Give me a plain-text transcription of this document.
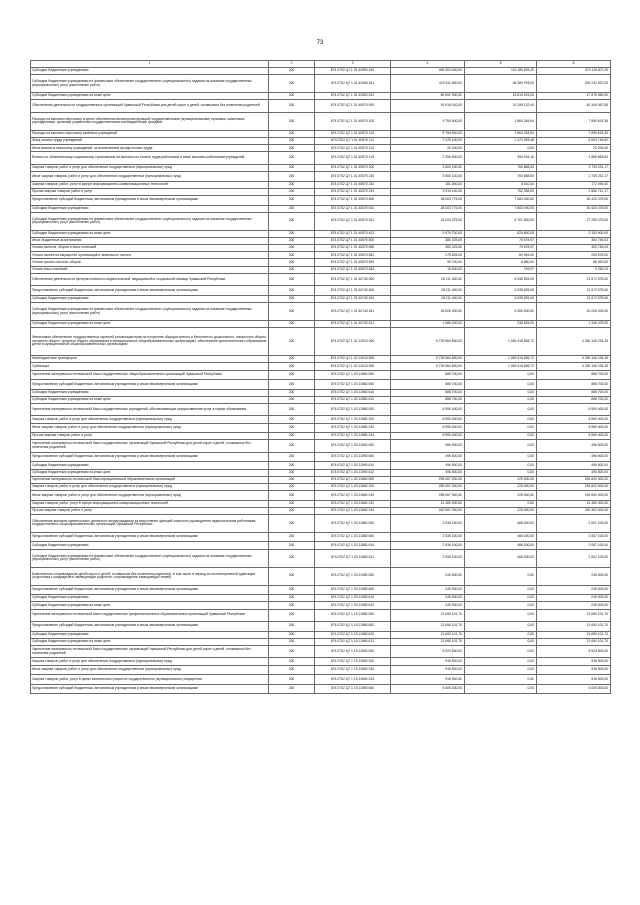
73
1	2	3	4	5	6
Субсидии бюджетным учреждениям	200	874 0702 Ц7 1 01 42550 610	489 304 400,00	115 185 693,20	374 118 507,20
Субсидии бюджетным учреждениям на финансовое обеспечение государственного (муниципального) задания на оказание государственных (муниципальных) услуг (выполнение работ)	200	874 0702 Ц7 1 01 42550 611	422 611 500,00	96 369 978,00	326 242 522,00
Субсидии бюджетным учреждениям на иные цели	200	874 0702 Ц7 1 01 42550 612	66 692 900,00	18 816 515,00	47 875 985,00
Обеспечение деятельности государственных организаций Чувашской Республики для детей-сирот и детей, оставшихся без попечения родителей	200	874 0702 Ц7 1 01 40570 000	91 618 010,00	10 298 132,44	81 340 067,56
Расходы на выплаты персоналу в целях обеспечения выполнения функций государственными (муниципальными) органами, казенными учреждениями, органами управления государственными внебюджетными фондами	200	874 0702 Ц7 1 01 40570 100	9 754 900,00	1 864 284,64	7 890 615,36
Расходы на выплаты персоналу казенных учреждений	200	874 0702 Ц7 1 01 40570 110	9 754 900,00	1 864 284,64	7 890 615,36
Фонд оплаты труда учреждений	200	874 0702 Ц7 1 01 40570 111	7 478 100,00	1 473 353,48	6 004 746,52
Иные выплаты персоналу учреждений, за исключением фонда оплаты труда	200	874 0702 Ц7 1 01 40570 112	20 200,00	0,00	20 200,00
Взносы по обязательному социальному страхованию на выплаты по оплате труда работников и иные выплаты работникам учреждений	200	874 0702 Ц7 1 01 40570 119	2 256 600,00	390 934,16	1 865 665,84
Закупка товаров, работ и услуг для обеспечения государственных (муниципальных) нужд	200	874 0702 Ц7 1 01 40570 200	3 500 100,00	760 868,83	2 739 231,17
Иные закупки товаров, работ и услуг для обеспечения государственных (муниципальных) нужд	200	874 0702 Ц7 1 01 40570 240	3 500 100,00	760 868,83	2 739 231,17
Закупка товаров, работ, услуг в сфере информационно-коммуникационных технологий	200	874 0702 Ц7 1 01 40570 242	181 000,00	8 510,00	172 490,00
Прочая закупка товаров, работ и услуг	200	874 0702 Ц7 1 01 40570 244	3 319 100,00	752 358,83	2 566 741,17
Предоставление субсидий бюджетным, автономным учреждениям и иным некоммерческим организациям	200	874 0702 Ц7 1 01 40570 600	38 003 775,00	7 583 400,00	30 420 375,00
Субсидии бюджетным учреждениям	200	874 0702 Ц7 1 01 40570 610	38 003 775,00	7 583 400,00	30 420 375,00
Субсидии бюджетным учреждениям на финансовое обеспечение государственного (муниципального) задания на оказание государственных (муниципальных) услуг (выполнение работ)	200	874 0702 Ц7 1 01 40570 611	34 024 075,00	6 767 600,00	27 256 475,00
Субсидии бюджетным учреждениям на иные цели	200	874 0702 Ц7 1 01 40570 612	3 979 700,00	825 800,00	3 153 900,00
Иные бюджетные ассигнования	200	874 0702 Ц7 1 01 40570 800	380 325,00	79 578,97	300 746,03
Уплата налогов, сборов и иных платежей	200	874 0702 Ц7 1 01 40570 850	380 325,00	79 578,97	300 746,03
Уплата налога на имущество организаций и земельного налога	200	874 0702 Ц7 1 01 40570 851	275 625,00	69 949,00	205 676,00
Уплата прочих налогов, сборов	200	874 0702 Ц7 1 01 40570 852	95 700,00	8 880,00	86 820,00
Уплата иных платежей	200	874 0702 Ц7 1 01 40570 853	10 000,00	749,97	9 250,03
Обеспечение деятельности центров психолого-педагогической, медицинской и социальной помощи Чувашской Республики	200	874 0702 Ц7 1 01 40740 000	28 111 400,00	6 538 825,00	21 572 575,00
Предоставление субсидий бюджетным, автономным учреждениям и иным некоммерческим организациям	200	874 0702 Ц7 1 01 40740 600	28 111 400,00	6 538 825,00	21 572 575,00
Субсидии бюджетным учреждениям	200	874 0702 Ц7 1 01 40740 610	28 111 400,00	6 538 825,00	21 572 575,00
Субсидии бюджетным учреждениям на финансовое обеспечение государственного (муниципального) задания на оказание государственных (муниципальных) услуг (выполнение работ)	200	874 0702 Ц7 1 01 40740 611	26 526 200,00	6 300 000,00	20 226 200,00
Субсидии бюджетным учреждениям на иные цели	200	874 0702 Ц7 1 01 40740 612	1 585 200,00	238 825,00	1 346 375,00
Финансовое обеспечение государственных гарантий реализации прав на получение общедоступного и бесплатного дошкольного, начального общего, основного общего, среднего общего образования в муниципальных общеобразовательных организациях, обеспечение дополнительного образования детей в муниципальных общеобразовательных организациях	200	874 0702 Ц7 1 02 12010 000	5 739 564 800,00	1 459 418 565,72	4 280 146 234,28
Межбюджетные трансферты	200	874 0702 Ц7 1 02 12010 500	5 739 564 800,00	1 459 418 565,72	4 280 146 234,28
Субвенции	200	874 0702 Ц7 1 02 12010 530	5 739 564 800,00	1 459 418 565,72	4 280 146 234,28
Укрепление материально-технической базы государственных общеобразовательных организаций Чувашской Республики	200	874 0702 Ц7 1 03 11560 000	888 700,00	0,00	888 700,00
Предоставление субсидий бюджетным, автономным учреждениям и иным некоммерческим организациям	200	874 0702 Ц7 1 03 11560 600	888 700,00	0,00	888 700,00
Субсидии бюджетным учреждениям	200	874 0702 Ц7 1 03 11560 610	888 700,00	0,00	888 700,00
Субсидии бюджетным учреждениям на иные цели	200	874 0702 Ц7 1 03 11560 612	888 700,00	0,00	888 700,00
Укрепление материально-технической базы государственных учреждений, обеспечивающих предоставление услуг в сфере образования	200	874 0702 Ц7 1 03 11580 000	6 590 400,00	0,00	6 590 400,00
Закупка товаров, работ и услуг для обеспечения государственных (муниципальных) нужд	200	874 0702 Ц7 1 03 11580 200	6 590 400,00	0,00	6 590 400,00
Иные закупки товаров, работ и услуг для обеспечения государственных (муниципальных) нужд	200	874 0702 Ц7 1 03 11580 240	6 590 400,00	0,00	6 590 400,00
Прочая закупка товаров, работ и услуг	200	874 0702 Ц7 1 03 11580 244	6 590 400,00	0,00	6 590 400,00
Укрепление материально-технической базы государственных организаций Чувашской Республики для детей-сирот и детей, оставшихся без попечения родителей	200	874 0702 Ц7 1 03 11590 000	496 500,00	0,00	496 500,00
Предоставление субсидий бюджетным, автономным учреждениям и иным некоммерческим организациям	200	874 0702 Ц7 1 03 11590 600	496 500,00	0,00	496 500,00
Субсидии бюджетным учреждениям	200	874 0702 Ц7 1 03 11590 610	496 500,00	0,00	496 500,00
Субсидии бюджетным учреждениям на иные цели	200	874 0702 Ц7 1 03 11590 612	496 500,00	0,00	496 500,00
Укрепление материально-технической базы муниципальных образовательных организаций	200	874 0702 Ц7 1 03 11660 000	255 067 000,00	225 000,00	254 842 000,00
Закупка товаров, работ и услуг для обеспечения государственных (муниципальных) нужд	200	874 0702 Ц7 1 03 11660 200	255 067 000,00	225 000,00	254 842 000,00
Иные закупки товаров, работ и услуг для обеспечения государственных (муниципальных) нужд	200	874 0702 Ц7 1 03 11660 240	255 067 000,00	225 000,00	254 842 000,00
Закупка товаров, работ, услуг в сфере информационно-коммуникационных технологий	200	874 0702 Ц7 1 03 11660 242	14 480 000,00	0,00	14 480 000,00
Прочая закупка товаров, работ и услуг	200	874 0702 Ц7 1 03 11660 244	240 587 000,00	225 000,00	240 362 000,00
Обеспечение выплаты ежемесячного денежного вознаграждения за выполнение функций классного руководителя педагогическим работникам государственных общеобразовательных организаций Чувашской Республики	200	874 0702 Ц7 1 03 11880 000	2 535 100,00	468 000,00	2 067 100,00
Предоставление субсидий бюджетным, автономным учреждениям и иным некоммерческим организациям	200	874 0702 Ц7 1 03 11880 600	2 535 100,00	468 000,00	2 067 100,00
Субсидии бюджетным учреждениям	200	874 0702 Ц7 1 03 11880 610	2 535 100,00	468 000,00	2 067 100,00
Субсидии бюджетным учреждениям на финансовое обеспечение государственного (муниципального) задания на оказание государственных (муниципальных) услуг (выполнение работ)	200	874 0702 Ц7 1 03 11880 611	2 535 100,00	468 000,00	2 067 100,00
Комплексное сопровождение детей-сирот и детей, оставшихся без попечения родителей, в том числе в период их постинтернатной адаптации (подготовка к кандидатов в замещающие родители, сопровождение замещающих семей)	200	874 0702 Ц7 1 03 11950 000	245 000,00	0,00	245 000,00
Предоставление субсидий бюджетным, автономным учреждениям и иным некоммерческим организациям	200	874 0702 Ц7 1 03 11950 600	245 000,00	0,00	245 000,00
Субсидии бюджетным учреждениям	200	874 0702 Ц7 1 03 11950 610	245 000,00	0,00	245 000,00
Субсидии бюджетным учреждениям на иные цели	200	874 0702 Ц7 1 03 11950 612	245 000,00	0,00	245 000,00
Укрепление материально-технической базы государственных профессиональных образовательных организаций Чувашской Республики	200	874 0702 Ц7 1 15 11580 000	21 690 101,70	0,00	21 690 101,70
Предоставление субсидий бюджетным, автономным учреждениям и иным некоммерческим организациям	200	874 0702 Ц7 1 15 11580 600	21 690 101,70	0,00	21 690 101,70
Субсидии бюджетным учреждениям	200	874 0702 Ц7 1 15 11580 610	21 690 101,70	0,00	21 690 101,70
Субсидии бюджетным учреждениям на иные цели	200	874 0702 Ц7 1 15 11580 612	21 690 101,70	0,00	21 690 101,70
Укрепление материально-технической базы государственных организаций Чувашской Республики для детей-сирот и детей, оставшихся без попечения родителей	200	874 0702 Ц7 1 15 11590 000	5 923 500,00	0,00	5 923 500,00
Закупка товаров, работ и услуг для обеспечения государственных (муниципальных) нужд	200	874 0702 Ц7 1 15 11590 200	918 500,00	0,00	918 500,00
Иные закупки товаров, работ и услуг для обеспечения государственных (муниципальных) нужд	200	874 0702 Ц7 1 15 11590 240	918 500,00	0,00	918 500,00
Закупка товаров, работ, услуг в целях капитального ремонта государственного (муниципального) имущества	200	874 0702 Ц7 1 15 11590 243	918 500,00	0,00	918 500,00
Предоставление субсидий бюджетным, автономным учреждениям и иным некоммерческим организациям	200	874 0702 Ц7 1 15 11590 600	5 005 000,00	0,00	5 005 000,00
